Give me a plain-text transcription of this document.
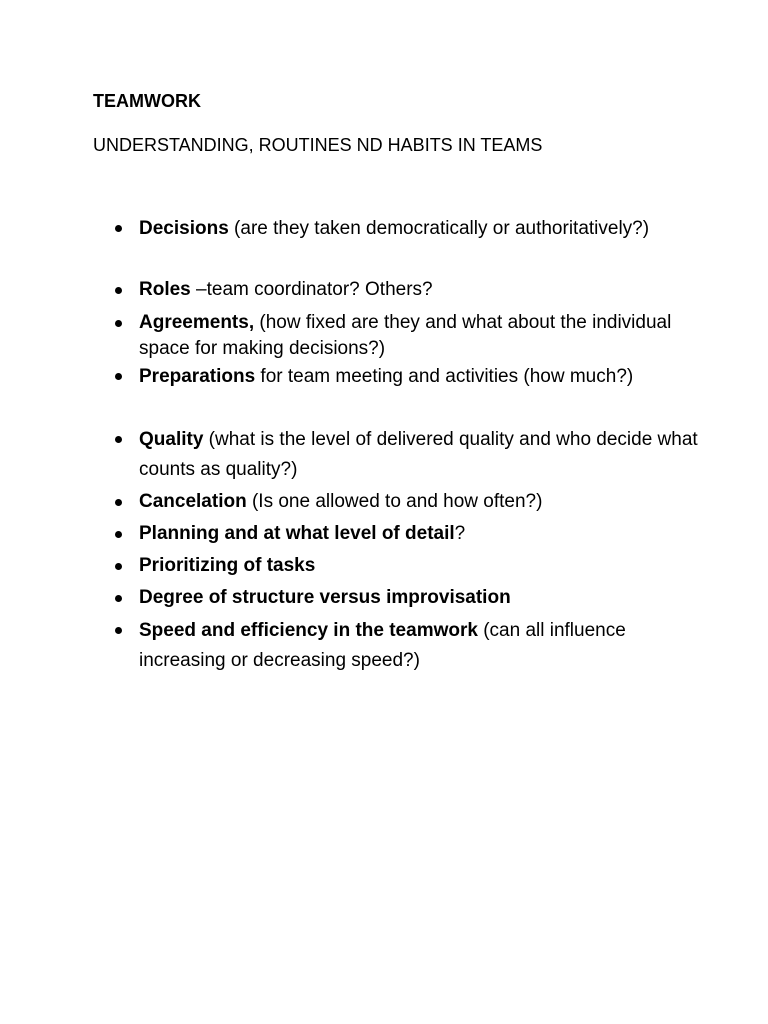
TEAMWORK

UNDERSTANDING, ROUTINES ND HABITS IN TEAMS

Decisions (are they taken democratically or authoritatively?)
Roles –team coordinator? Others?
Agreements, (how fixed are they and what about the individual space for making decisions?)
Preparations for team meeting and activities (how much?)
Quality (what is the level of delivered quality and who decide what counts as quality?)
Cancelation (Is one allowed to and how often?)
Planning and at what level of detail?
Prioritizing of tasks
Degree of structure versus improvisation
Speed and efficiency in the teamwork (can all influence increasing or decreasing speed?)
